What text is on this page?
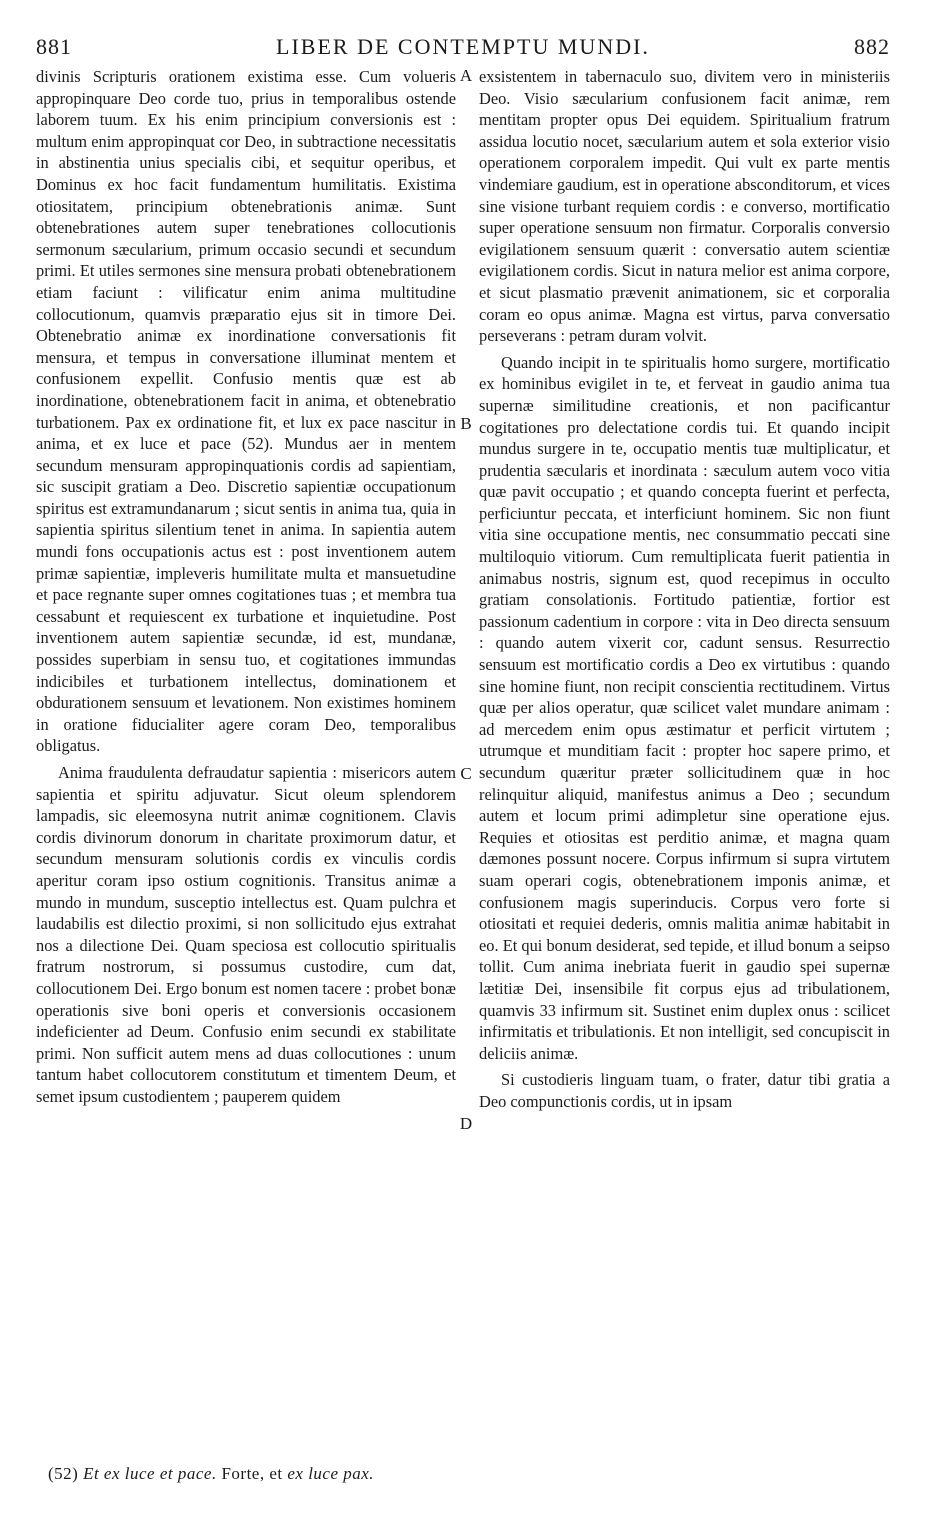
881	LIBER DE CONTEMPTU MUNDI.	882

divinis Scripturis orationem existima esse. Cum volueris appropinquare Deo corde tuo, prius in temporalibus ostende laborem tuum. Ex his enim principium conversionis est : multum enim appropinquat cor Deo, in subtractione necessitatis in abstinentia unius specialis cibi, et sequitur operibus, et Dominus ex hoc facit fundamentum humilitatis. Existima otiositatem, principium obtenebrationis animæ. Sunt obtenebrationes autem super tenebrationes collocutionis sermonum sæcularium, primum occasio secundi et secundum primi. Et utiles sermones sine mensura probati obtenebrationem etiam faciunt : vilificatur enim anima multitudine collocutionum, quamvis præparatio ejus sit in timore Dei. Obtenebratio animæ ex inordinatione conversationis fit mensura, et tempus in conversatione illuminat mentem et confusionem expellit. Confusio mentis quæ est ab inordinatione, obtenebrationem facit in anima, et obtenebratio turbationem. Pax ex ordinatione fit, et lux ex pace nascitur in anima, et ex luce et pace (52). Mundus aer in mentem secundum mensuram appropinquationis cordis ad sapientiam, sic suscipit gratiam a Deo. Discretio sapientiæ occupationum spiritus est extramundanarum ; sicut sentis in anima tua, quia in sapientia spiritus silentium tenet in anima. In sapientia autem mundi fons occupationis actus est : post inventionem autem primæ sapientiæ, impleveris humilitate multa et mansuetudine et pace regnante super omnes cogitationes tuas ; et membra tua cessabunt et requiescent ex turbatione et inquietudine. Post inventionem autem sapientiæ secundæ, id est, mundanæ, possides superbiam in sensu tuo, et cogitationes immundas indicibiles et turbationem intellectus, dominationem et obdurationem sensuum et levationem. Non existimes hominem in oratione fiducialiter agere coram Deo, temporalibus obligatus.

Anima fraudulenta defraudatur sapientia : misericors autem sapientia et spiritu adjuvatur. Sicut oleum splendorem lampadis, sic eleemosyna nutrit animæ cognitionem. Clavis cordis divinorum donorum in charitate proximorum datur, et secundum mensuram solutionis cordis ex vinculis cordis aperitur coram ipso ostium cognitionis. Transitus animæ a mundo in mundum, susceptio intellectus est. Quam pulchra et laudabilis est dilectio proximi, si non sollicitudo ejus extrahat nos a dilectione Dei. Quam speciosa est collocutio spiritualis fratrum nostrorum, si possumus custodire, cum dat, collocutionem Dei. Ergo bonum est nomen tacere : probet bonæ operationis sive boni operis et conversionis occasionem indeficienter ad Deum. Confusio enim secundi ex stabilitate primi. Non sufficit autem mens ad duas collocutiones : unum tantum habet collocutorem constitutum et timentem Deum, et semet ipsum custodientem ; pauperem quidem

A
B
C
D

exsistentem in tabernaculo suo, divitem vero in ministeriis Deo. Visio sæcularium confusionem facit animæ, rem mentitam propter opus Dei equidem. Spiritualium fratrum assidua locutio nocet, sæcularium autem et sola exterior visio operationem corporalem impedit. Qui vult ex parte mentis vindemiare gaudium, est in operatione absconditorum, et vices sine visione turbant requiem cordis : e converso, mortificatio super operatione sensuum non firmatur. Corporalis conversio evigilationem sensuum quærit : conversatio autem scientiæ evigilationem cordis. Sicut in natura melior est anima corpore, et sicut plasmatio prævenit animationem, sic et corporalia coram eo opus animæ. Magna est virtus, parva conversatio perseverans : petram duram volvit.

Quando incipit in te spiritualis homo surgere, mortificatio ex hominibus evigilet in te, et ferveat in gaudio anima tua supernæ similitudine creationis, et non pacificantur cogitationes pro delectatione cordis tui. Et quando incipit mundus surgere in te, occupatio mentis tuæ multiplicatur, et prudentia sæcularis et inordinata : sæculum autem voco vitia quæ pavit occupatio ; et quando concepta fuerint et perfecta, perficiuntur peccata, et interficiunt hominem. Sic non fiunt vitia sine occupatione mentis, nec consummatio peccati sine multiloquio vitiorum. Cum remultiplicata fuerit patientia in animabus nostris, signum est, quod recepimus in occulto gratiam consolationis. Fortitudo patientiæ, fortior est passionum cadentium in corpore : vita in Deo directa sensuum : quando autem vixerit cor, cadunt sensus. Resurrectio sensuum est mortificatio cordis a Deo ex virtutibus : quando sine homine fiunt, non recipit conscientia rectitudinem. Virtus quæ per alios operatur, quæ scilicet valet mundare animam : ad mercedem enim opus æstimatur et perficit virtutem ; utrumque et munditiam facit : propter hoc sapere primo, et secundum quæritur præter sollicitudinem quæ in hoc relinquitur aliquid, manifestus animus a Deo ; secundum autem et locum primi adimpletur sine operatione ejus. Requies et otiositas est perditio animæ, et magna quam dæmones possunt nocere. Corpus infirmum si supra virtutem suam operari cogis, obtenebrationem imponis animæ, et confusionem magis superinducis. Corpus vero forte si otiositati et requiei dederis, omnis malitia animæ habitabit in eo. Et qui bonum desiderat, sed tepide, et illud bonum a seipso tollit. Cum anima inebriata fuerit in gaudio spei supernæ lætitiæ Dei, insensibile fit corpus ejus ad tribulationem, quamvis 33 infirmum sit. Sustinet enim duplex onus : scilicet infirmitatis et tribulationis. Et non intelligit, sed concupiscit in deliciis animæ.

Si custodieris linguam tuam, o frater, datur tibi gratia a Deo compunctionis cordis, ut in ipsam

(52) Et ex luce et pace. Forte, et ex luce pax.
